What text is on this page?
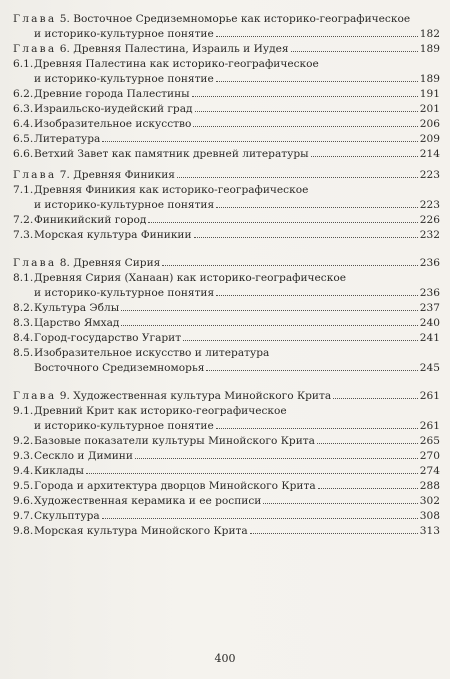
Глава 5. Восточное Средиземноморье как историко-географическое
и историко-культурное понятие	182
Глава 6. Древняя Палестина, Израиль и Иудея	189
6.1. Древняя Палестина как историко-географическое
и историко-культурное понятие	189
6.2. Древние города Палестины	191
6.3. Израильско-иудейский град	201
6.4. Изобразительное искусство	206
6.5. Литература	209
6.6. Ветхий Завет как памятник древней литературы	214
Глава 7. Древняя Финикия	223
7.1. Древняя Финикия как историко-географическое
и историко-культурное понятия	223
7.2. Финикийский город	226
7.3. Морская культура Финикии	232
Глава 8. Древняя Сирия	236
8.1. Древняя Сирия (Ханаан) как историко-географическое
и историко-культурное понятия	236
8.2. Культура Эблы	237
8.3. Царство Ямхад	240
8.4. Город-государство Угарит	241
8.5. Изобразительное искусство и литература
Восточного Средиземноморья	245
Глава 9. Художественная культура Минойского Крита	261
9.1. Древний Крит как историко-географическое
и историко-культурное понятие	261
9.2. Базовые показатели культуры Минойского Крита	265
9.3. Сескло и Димини	270
9.4. Киклады	274
9.5. Города и архитектура дворцов Минойского Крита	288
9.6. Художественная керамика и ее росписи	302
9.7. Скульптура	308
9.8. Морская культура Минойского Крита	313
400
